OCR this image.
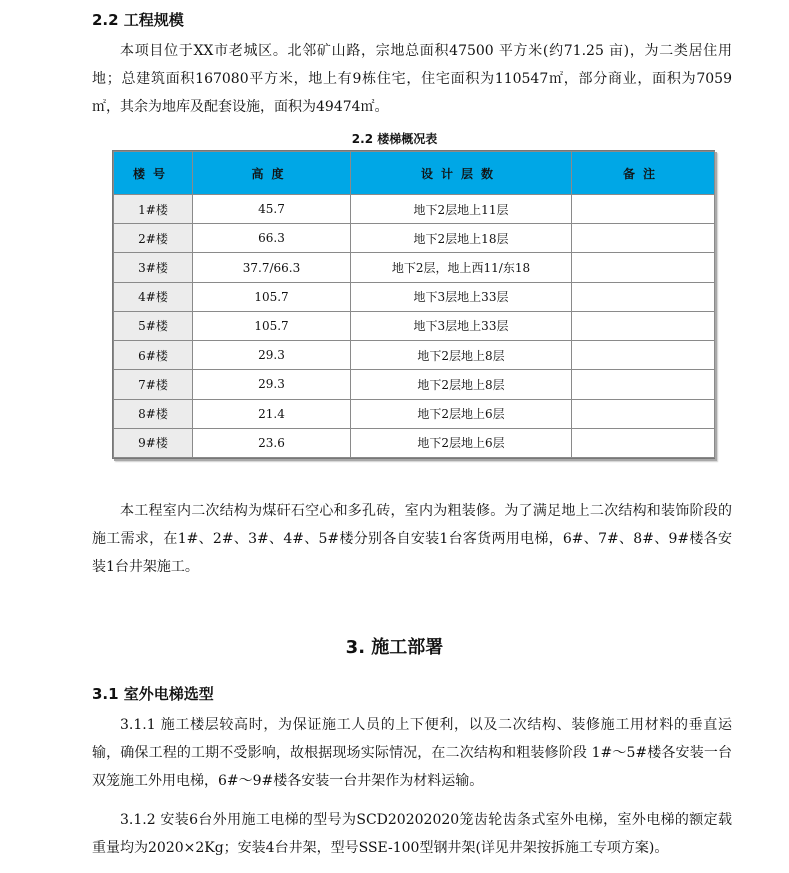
2.2 工程规模

本项目位于XX市老城区。北邻矿山路，宗地总面积47500 平方米(约71.25 亩)，为二类居住用地；总建筑面积167080平方米，地上有9栋住宅，住宅面积为110547㎡，部分商业，面积为7059㎡，其余为地库及配套设施，面积为49474㎡。

2.2 楼梯概况表
楼号	高度	设计层数	备注
1#楼	45.7	地下2层地上11层	
2#楼	66.3	地下2层地上18层	
3#楼	37.7/66.3	地下2层，地上西11/东18	
4#楼	105.7	地下3层地上33层	
5#楼	105.7	地下3层地上33层	
6#楼	29.3	地下2层地上8层	
7#楼	29.3	地下2层地上8层	
8#楼	21.4	地下2层地上6层	
9#楼	23.6	地下2层地上6层	

本工程室内二次结构为煤矸石空心和多孔砖，室内为粗装修。为了满足地上二次结构和装饰阶段的施工需求，在1#、2#、3#、4#、5#楼分别各自安装1台客货两用电梯，6#、7#、8#、9#楼各安装1台井架施工。

3. 施工部署
3.1 室外电梯选型

3.1.1 施工楼层较高时，为保证施工人员的上下便利，以及二次结构、装修施工用材料的垂直运输，确保工程的工期不受影响，故根据现场实际情况，在二次结构和粗装修阶段 1#～5#楼各安装一台双笼施工外用电梯，6#～9#楼各安装一台井架作为材料运输。

3.1.2 安装6台外用施工电梯的型号为SCD20202020笼齿轮齿条式室外电梯，室外电梯的额定载重量均为2020×2Kg；安装4台井架，型号SSE-100型钢井架(详见井架按拆施工专项方案)。
